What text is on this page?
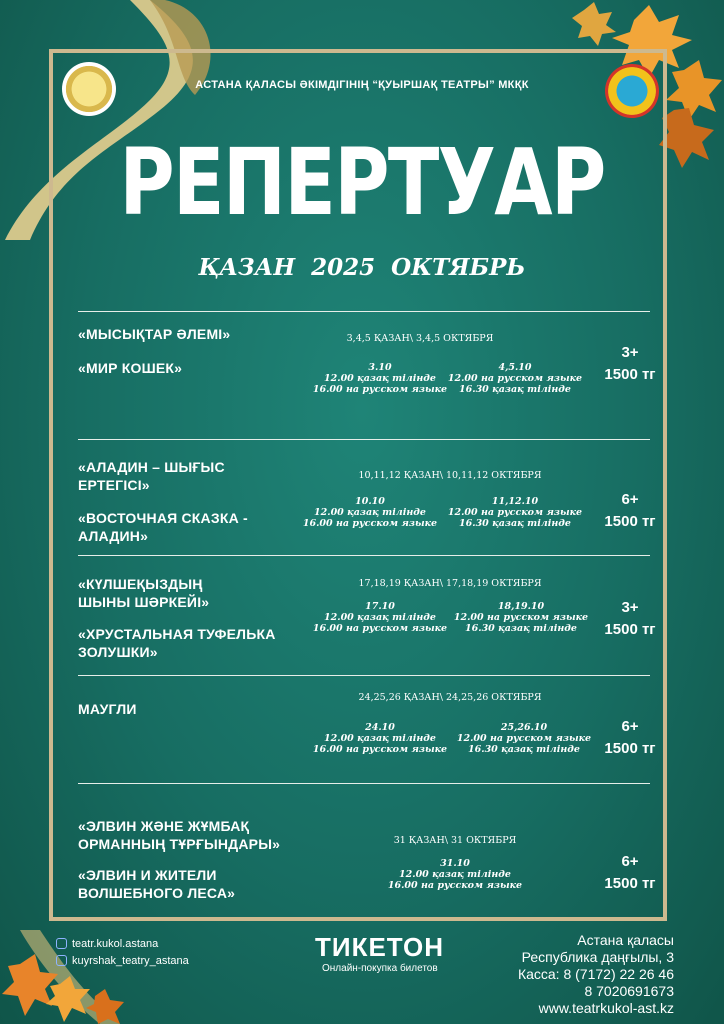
АСТАНА ҚАЛАСЫ ӘКІМДІГІНІҢ “ҚУЫРШАҚ ТЕАТРЫ” МКҚК
РЕПЕРТУАР
ҚАЗАН 2025 ОКТЯБРЬ
«МЫСЫҚТАР ӘЛЕМІ»
«МИР КОШЕК»
3,4,5 ҚАЗАН\ 3,4,5 ОКТЯБРЯ
3.10
12.00 қазақ тілінде
16.00 на русском языке
4,5.10
12.00 на русском языке
16.30 қазақ тілінде
3+
1500 тг
«АЛАДИН – ШЫҒЫС ЕРТЕГІСІ»
«ВОСТОЧНАЯ СКАЗКА - АЛАДИН»
10,11,12 ҚАЗАН\ 10,11,12 ОКТЯБРЯ
10.10
12.00 қазақ тілінде
16.00 на русском языке
11,12.10
12.00 на русском языке
16.30 қазақ тілінде
6+
1500 тг
«КҮЛШЕҚЫЗДЫҢ ШЫНЫ ШӘРКЕЙІ»
«ХРУСТАЛЬНАЯ ТУФЕЛЬКА ЗОЛУШКИ»
17,18,19 ҚАЗАН\ 17,18,19 ОКТЯБРЯ
17.10
12.00 қазақ тілінде
16.00 на русском языке
18,19.10
12.00 на русском языке
16.30 қазақ тілінде
3+
1500 тг
МАУГЛИ
24,25,26 ҚАЗАН\ 24,25,26 ОКТЯБРЯ
24.10
12.00 қазақ тілінде
16.00 на русском языке
25,26.10
12.00 на русском языке
16.30 қазақ тілінде
6+
1500 тг
«ЭЛВИН ЖӘНЕ ЖҰМБАҚ ОРМАННЫҢ ТҰРҒЫНДАРЫ»
«ЭЛВИН И ЖИТЕЛИ ВОЛШЕБНОГО ЛЕСА»
31 ҚАЗАН\ 31 ОКТЯБРЯ
31.10
12.00 қазақ тілінде
16.00 на русском языке
6+
1500 тг
teatr.kukol.astana
kuyrshak_teatry_astana	ТИКЕТОН
Онлайн-покупка билетов
Астана қаласы
Республика даңғылы, 3
Касса: 8 (7172) 22 26 46
8 7020691673
www.teatrkukol-ast.kz
